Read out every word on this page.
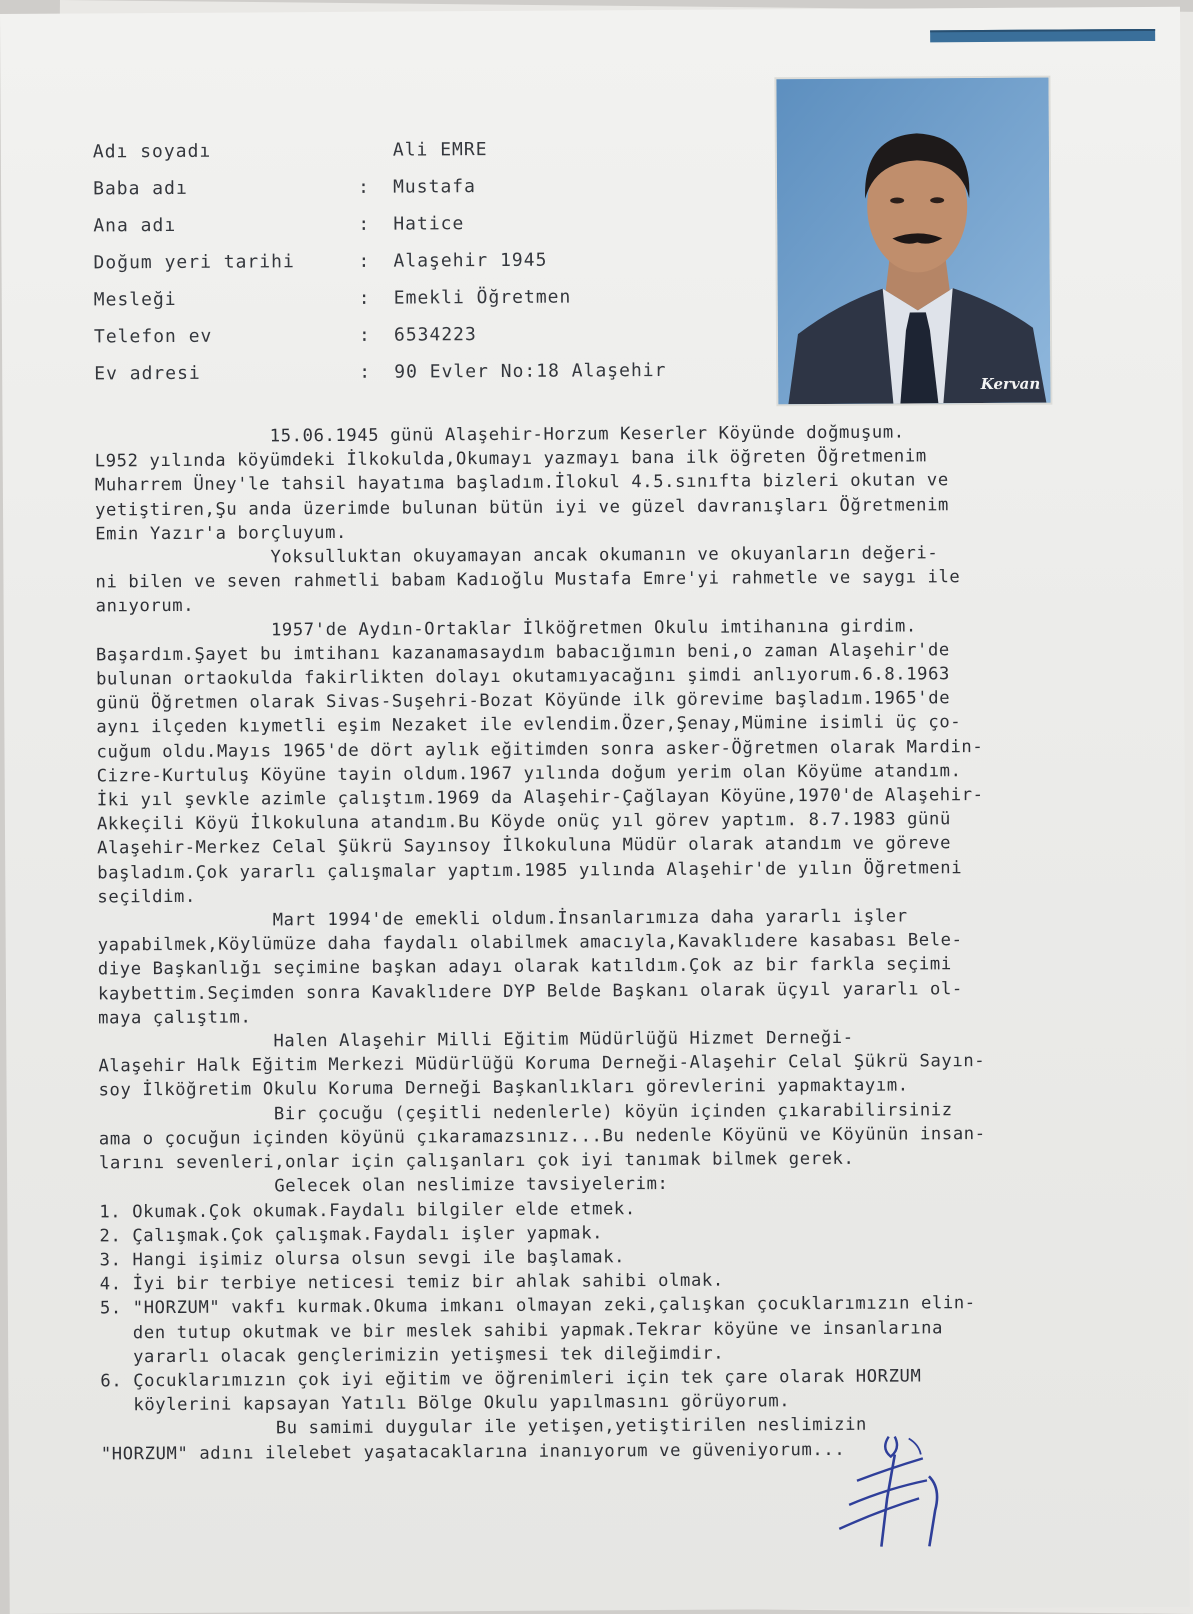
Kervan
Adı soyadı	Ali EMRE
Baba adı	: Mustafa
Ana adı	: Hatice
Doğum yeri tarihi	: Alaşehir 1945
Mesleği	: Emekli Öğretmen
Telefon ev	: 6534223
Ev adresi	: 90 Evler No:18 Alaşehir
15.06.1945 günü Alaşehir-Horzum Keserler Köyünde doğmuşum.
L952 yılında köyümdeki İlkokulda,Okumayı yazmayı bana ilk öğreten Öğretmenim
Muharrem Üney'le tahsil hayatıma başladım.İlokul 4.5.sınıfta bizleri okutan ve
yetiştiren,Şu anda üzerimde bulunan bütün iyi ve güzel davranışları Öğretmenim
Emin Yazır'a borçluyum.
Yoksulluktan okuyamayan ancak okumanın ve okuyanların değeri-
ni bilen ve seven rahmetli babam Kadıoğlu Mustafa Emre'yi rahmetle ve saygı ile
anıyorum.
1957'de Aydın-Ortaklar İlköğretmen Okulu imtihanına girdim.
Başardım.Şayet bu imtihanı kazanamasaydım babacığımın beni,o zaman Alaşehir'de
bulunan ortaokulda fakirlikten dolayı okutamıyacağını şimdi anlıyorum.6.8.1963
günü Öğretmen olarak Sivas-Suşehri-Bozat Köyünde ilk görevime başladım.1965'de
aynı ilçeden kıymetli eşim Nezaket ile evlendim.Özer,Şenay,Mümine isimli üç ço-
cuğum oldu.Mayıs 1965'de dört aylık eğitimden sonra asker-Öğretmen olarak Mardin-
Cizre-Kurtuluş Köyüne tayin oldum.1967 yılında doğum yerim olan Köyüme atandım.
İki yıl şevkle azimle çalıştım.1969 da Alaşehir-Çağlayan Köyüne,1970'de Alaşehir-
Akkeçili Köyü İlkokuluna atandım.Bu Köyde onüç yıl görev yaptım. 8.7.1983 günü
Alaşehir-Merkez Celal Şükrü Sayınsoy İlkokuluna Müdür olarak atandım ve göreve
başladım.Çok yararlı çalışmalar yaptım.1985 yılında Alaşehir'de yılın Öğretmeni
seçildim.
Mart 1994'de emekli oldum.İnsanlarımıza daha yararlı işler
yapabilmek,Köylümüze daha faydalı olabilmek amacıyla,Kavaklıdere kasabası Bele-
diye Başkanlığı seçimine başkan adayı olarak katıldım.Çok az bir farkla seçimi
kaybettim.Seçimden sonra Kavaklıdere DYP Belde Başkanı olarak üçyıl yararlı ol-
maya çalıştım.
Halen Alaşehir Milli Eğitim Müdürlüğü Hizmet Derneği-
Alaşehir Halk Eğitim Merkezi Müdürlüğü Koruma Derneği-Alaşehir Celal Şükrü Sayın-
soy İlköğretim Okulu Koruma Derneği Başkanlıkları görevlerini yapmaktayım.
Bir çocuğu (çeşitli nedenlerle) köyün içinden çıkarabilirsiniz
ama o çocuğun içinden köyünü çıkaramazsınız...Bu nedenle Köyünü ve Köyünün insan-
larını sevenleri,onlar için çalışanları çok iyi tanımak bilmek gerek.
Gelecek olan neslimize tavsiyelerim:
1. Okumak.Çok okumak.Faydalı bilgiler elde etmek.
2. Çalışmak.Çok çalışmak.Faydalı işler yapmak.
3. Hangi işimiz olursa olsun sevgi ile başlamak.
4. İyi bir terbiye neticesi temiz bir ahlak sahibi olmak.
5. "HORZUM" vakfı kurmak.Okuma imkanı olmayan zeki,çalışkan çocuklarımızın elin-
den tutup okutmak ve bir meslek sahibi yapmak.Tekrar köyüne ve insanlarına
yararlı olacak gençlerimizin yetişmesi tek dileğimdir.
6. Çocuklarımızın çok iyi eğitim ve öğrenimleri için tek çare olarak HORZUM
köylerini kapsayan Yatılı Bölge Okulu yapılmasını görüyorum.
Bu samimi duygular ile yetişen,yetiştirilen neslimizin
"HORZUM" adını ilelebet yaşatacaklarına inanıyorum ve güveniyorum...
